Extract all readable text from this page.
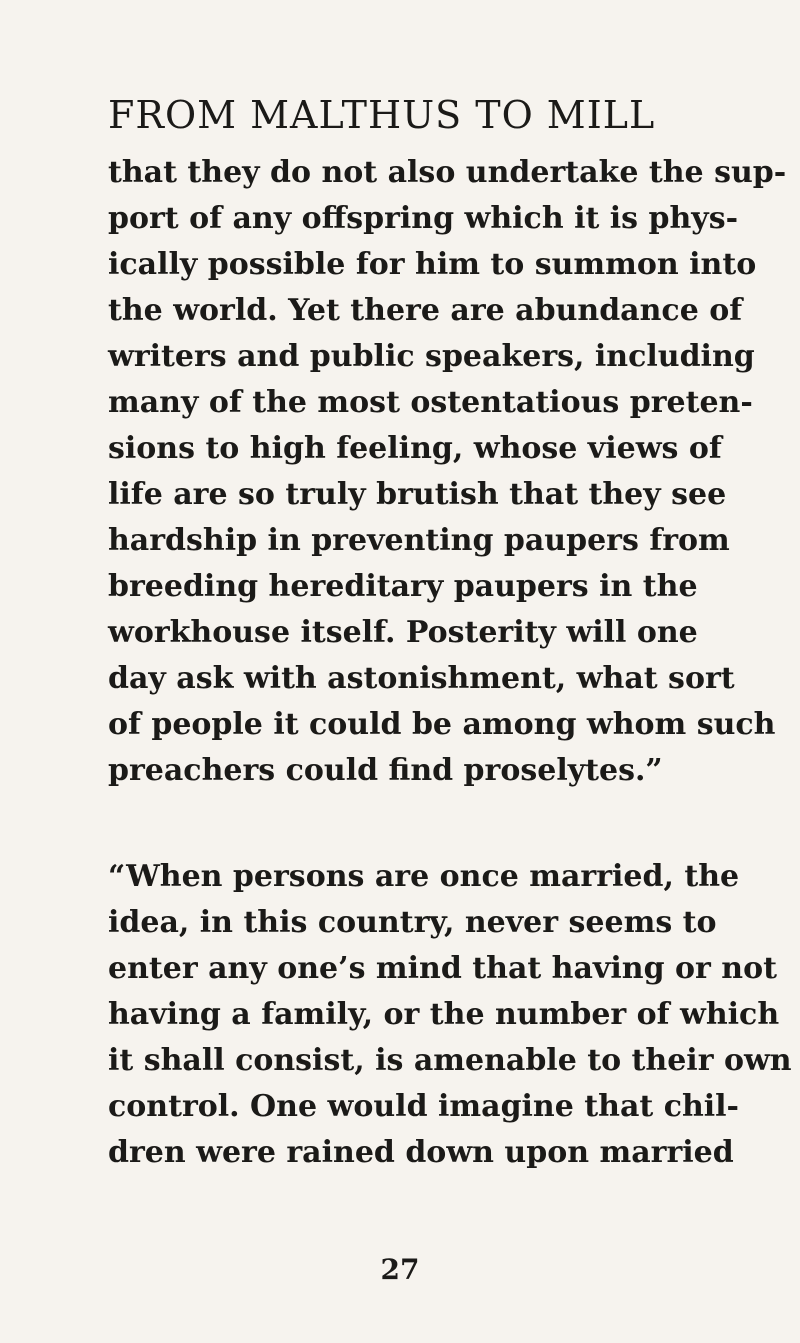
FROM MALTHUS TO MILL
that they do not also undertake the sup-
port of any offspring which it is phys-
ically possible for him to summon into
the world. Yet there are abundance of
writers and public speakers, including
many of the most ostentatious preten-
sions to high feeling, whose views of
life are so truly brutish that they see
hardship in preventing paupers from
breeding hereditary paupers in the
workhouse itself. Posterity will one
day ask with astonishment, what sort
of people it could be among whom such
preachers could find proselytes.”
“When persons are once married, the
idea, in this country, never seems to
enter any one’s mind that having or not
having a family, or the number of which
it shall consist, is amenable to their own
control. One would imagine that chil-
dren were rained down upon married
27
